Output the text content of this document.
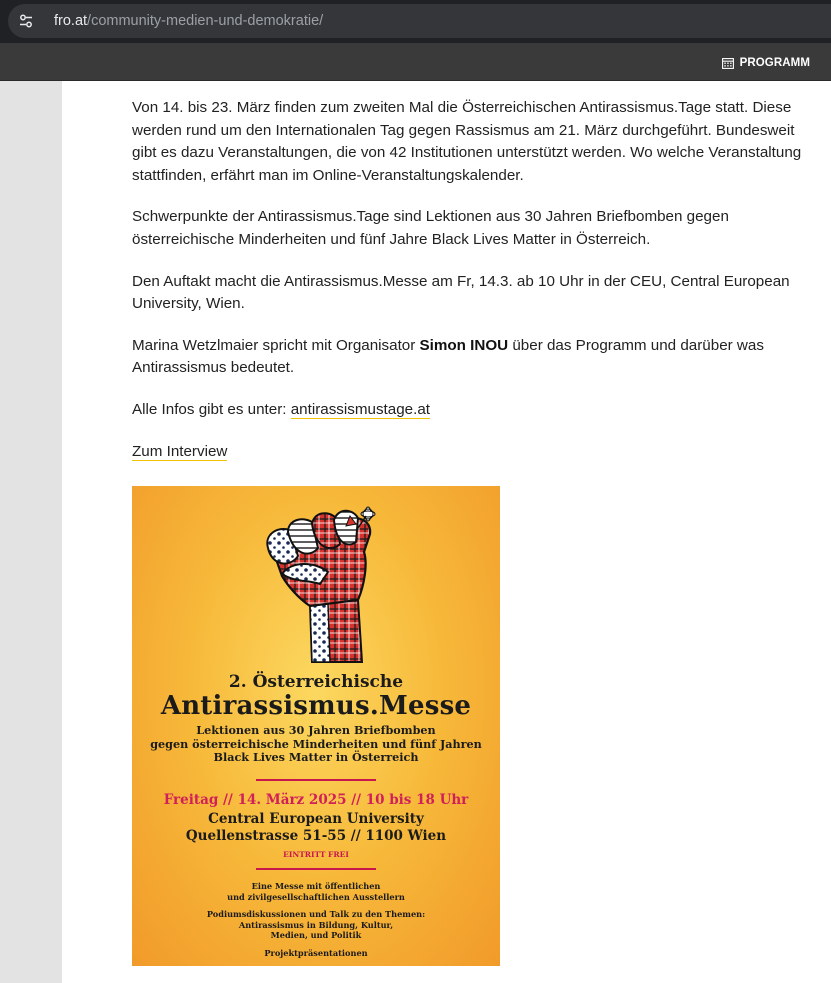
fro.at/community-medien-und-demokratie/
PROGRAMM

Von 14. bis 23. März finden zum zweiten Mal die Österreichischen Antirassismus.Tage statt. Diese werden rund um den Internationalen Tag gegen Rassismus am 21. März durchgeführt. Bundesweit gibt es dazu Veranstaltungen, die von 42 Institutionen unterstützt werden. Wo welche Veranstaltung stattfinden, erfährt man im Online-Veranstaltungskalender.

Schwerpunkte der Antirassismus.Tage sind Lektionen aus 30 Jahren Briefbomben gegen österreichische Minderheiten und fünf Jahre Black Lives Matter in Österreich.

Den Auftakt macht die Antirassismus.Messe am Fr, 14.3. ab 10 Uhr in der CEU, Central European University, Wien.

Marina Wetzlmaier spricht mit Organisator Simon INOU über das Programm und darüber was Antirassismus bedeutet.

Alle Infos gibt es unter: antirassismustage.at

Zum Interview

2. Österreichische
Antirassismus.Messe
Lektionen aus 30 Jahren Briefbomben
gegen österreichische Minderheiten und fünf Jahren
Black Lives Matter in Österreich
Freitag // 14. März 2025 // 10 bis 18 Uhr
Central European University
Quellenstrasse 51-55 // 1100 Wien
EINTRITT FREI
Eine Messe mit öffentlichen
und zivilgesellschaftlichen Ausstellern
Podiumsdiskussionen und Talk zu den Themen:
Antirassismus in Bildung, Kultur,
Medien, und Politik
Projektpräsentationen
